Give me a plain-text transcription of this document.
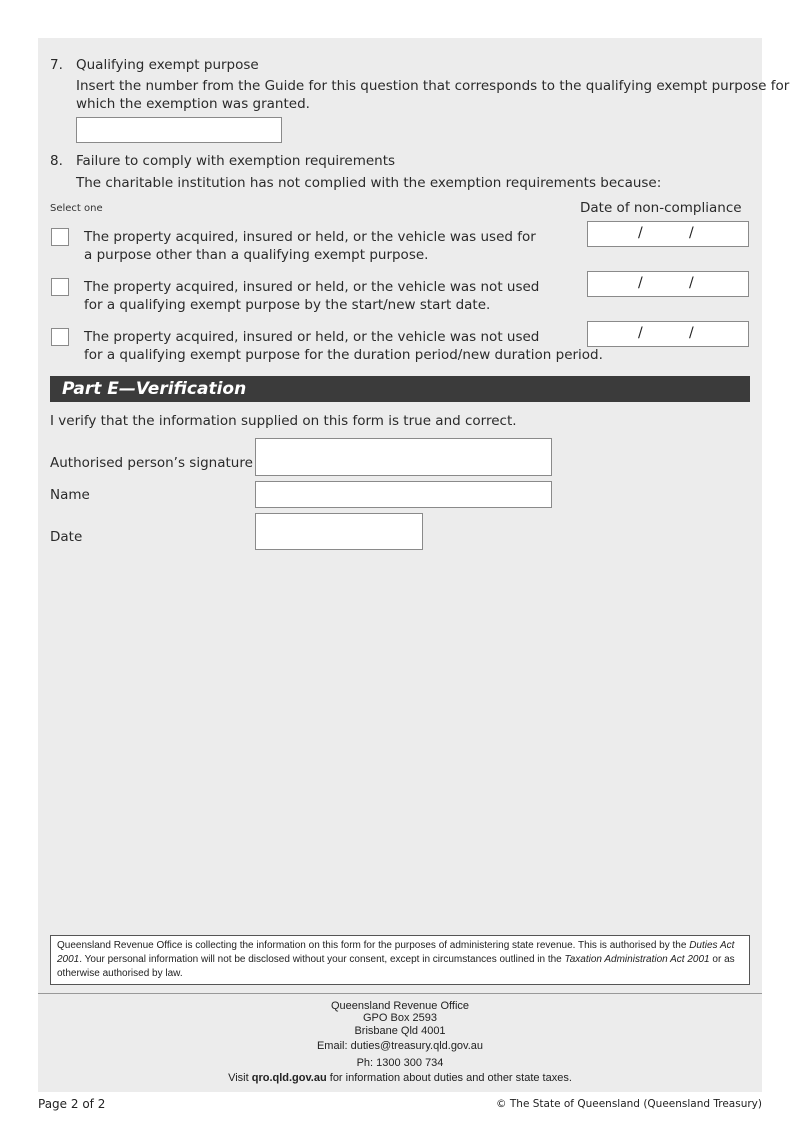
7. Qualifying exempt purpose
Insert the number from the Guide for this question that corresponds to the qualifying exempt purpose for
which the exemption was granted.
8. Failure to comply with exemption requirements
The charitable institution has not complied with the exemption requirements because:
Select one	Date of non-compliance
The property acquired, insured or held, or the vehicle was used for
a purpose other than a qualifying exempt purpose.
/	/
The property acquired, insured or held, or the vehicle was not used
for a qualifying exempt purpose by the start/new start date.
/	/
The property acquired, insured or held, or the vehicle was not used
for a qualifying exempt purpose for the duration period/new duration period.
/	/
Part E—Verification
I verify that the information supplied on this form is true and correct.
Authorised person’s signature
Name
Date
Queensland Revenue Office is collecting the information on this form for the purposes of administering state revenue. This is authorised by the Duties Act 2001. Your personal information will not be disclosed without your consent, except in circumstances outlined in the Taxation Administration Act 2001 or as otherwise authorised by law.
Queensland Revenue Office
GPO Box 2593
Brisbane Qld 4001
Email: duties@treasury.qld.gov.au
Ph: 1300 300 734
Visit qro.qld.gov.au for information about duties and other state taxes.
Page 2 of 2	© The State of Queensland (Queensland Treasury)
